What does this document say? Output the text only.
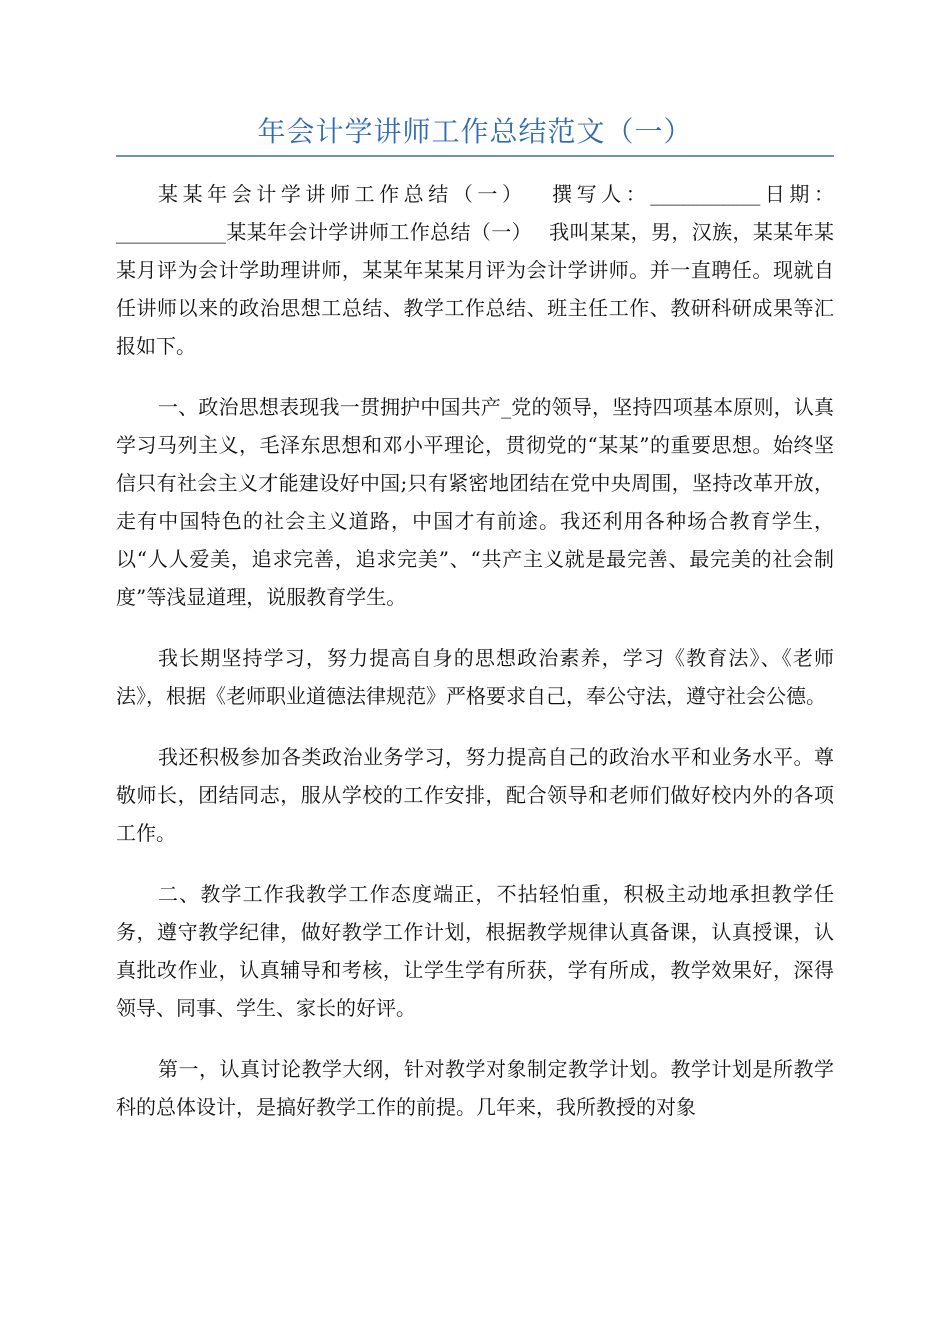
年会计学讲师工作总结范文（一）

某某年会计学讲师工作总结（一）　 撰写人：___________日期：___________某某年会计学讲师工作总结（一）　 我叫某某，男，汉族，某某年某某月评为会计学助理讲师，某某年某某月评为会计学讲师。并一直聘任。现就自任讲师以来的政治思想工总结、教学工作总结、班主任工作、教研科研成果等汇报如下。

一、政治思想表现我一贯拥护中国共产_党的领导，坚持四项基本原则，认真学习马列主义，毛泽东思想和邓小平理论，贯彻党的“某某”的重要思想。始终坚信只有社会主义才能建设好中国;只有紧密地团结在党中央周围，坚持改革开放，走有中国特色的社会主义道路，中国才有前途。我还利用各种场合教育学生，以“人人爱美，追求完善，追求完美”、“共产主义就是最完善、最完美的社会制度”等浅显道理，说服教育学生。

我长期坚持学习，努力提高自身的思想政治素养，学习《教育法》、《老师法》，根据《老师职业道德法律规范》严格要求自己，奉公守法，遵守社会公德。

我还积极参加各类政治业务学习，努力提高自己的政治水平和业务水平。尊敬师长，团结同志，服从学校的工作安排，配合领导和老师们做好校内外的各项工作。

二、教学工作我教学工作态度端正，不拈轻怕重，积极主动地承担教学任务，遵守教学纪律，做好教学工作计划，根据教学规律认真备课，认真授课，认真批改作业，认真辅导和考核，让学生学有所获，学有所成，教学效果好，深得领导、同事、学生、家长的好评。

第一，认真讨论教学大纲，针对教学对象制定教学计划。教学计划是所教学科的总体设计，是搞好教学工作的前提。几年来，我所教授的对象
